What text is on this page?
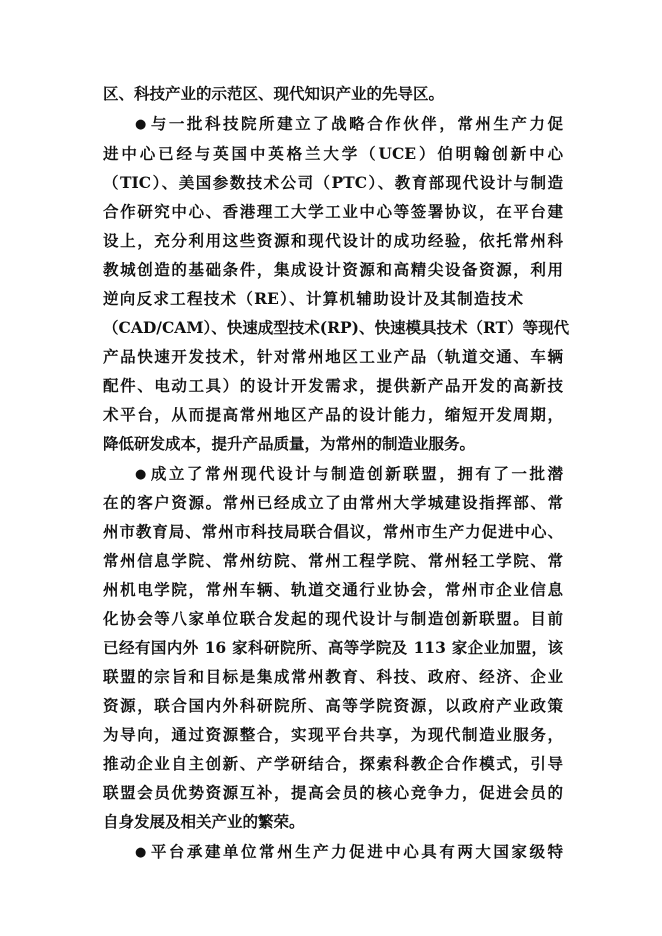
区、科技产业的示范区、现代知识产业的先导区。
● 与一批科技院所建立了战略合作伙伴，常州生产力促
进中心已经与英国中英格兰大学（UCE）伯明翰创新中心
（TIC）、美国参数技术公司（PTC）、教育部现代设计与制造
合作研究中心、香港理工大学工业中心等签署协议，在平台建
设上，充分利用这些资源和现代设计的成功经验，依托常州科
教城创造的基础条件，集成设计资源和高精尖设备资源，利用
逆向反求工程技术（RE）、计算机辅助设计及其制造技术
（CAD/CAM）、快速成型技术(RP)、快速模具技术（RT）等现代
产品快速开发技术，针对常州地区工业产品（轨道交通、车辆
配件、电动工具）的设计开发需求，提供新产品开发的高新技
术平台，从而提高常州地区产品的设计能力，缩短开发周期，
降低研发成本，提升产品质量，为常州的制造业服务。
● 成立了常州现代设计与制造创新联盟，拥有了一批潜
在的客户资源。常州已经成立了由常州大学城建设指挥部、常
州市教育局、常州市科技局联合倡议，常州市生产力促进中心、
常州信息学院、常州纺院、常州工程学院、常州轻工学院、常
州机电学院，常州车辆、轨道交通行业协会，常州市企业信息
化协会等八家单位联合发起的现代设计与制造创新联盟。目前
已经有国内外 16 家科研院所、高等学院及 113 家企业加盟，该
联盟的宗旨和目标是集成常州教育、科技、政府、经济、企业
资源，联合国内外科研院所、高等学院资源，以政府产业政策
为导向，通过资源整合，实现平台共享，为现代制造业服务，
推动企业自主创新、产学研结合，探索科教企合作模式，引导
联盟会员优势资源互补，提高会员的核心竞争力，促进会员的
自身发展及相关产业的繁荣。
● 平台承建单位常州生产力促进中心具有两大国家级特
